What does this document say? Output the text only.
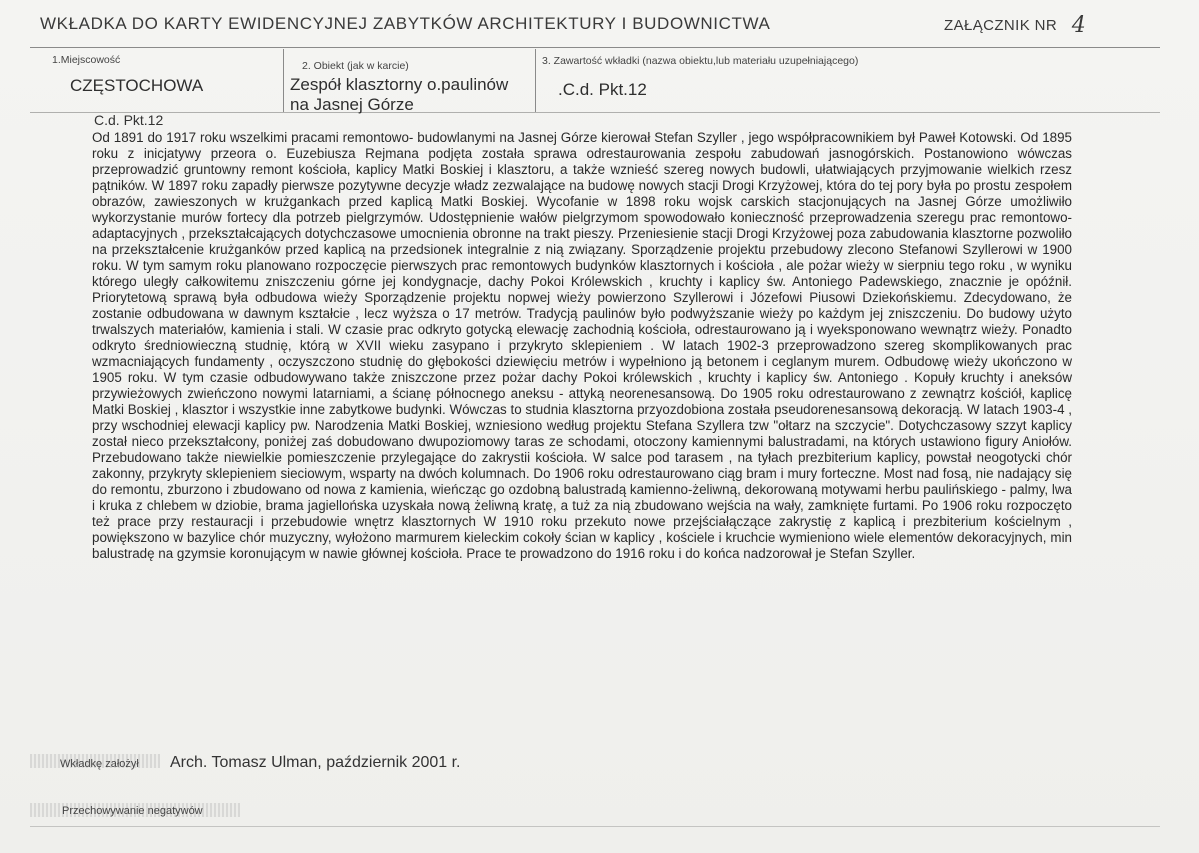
WKŁADKA DO KARTY EWIDENCYJNEJ ZABYTKÓW ARCHITEKTURY I BUDOWNICTWA	ZAŁĄCZNIK NR 4
1.Miejscowość
CZĘSTOCHOWA
2. Obiekt (jak w karcie)
Zespół klasztorny o.paulinów
na Jasnej Górze
3. Zawartość wkładki (nazwa obiektu,lub materiału uzupełniającego)
.C.d. Pkt.12
C.d. Pkt.12
Od 1891 do 1917 roku wszelkimi pracami remontowo- budowlanymi na Jasnej Górze kierował Stefan Szyller , jego współpracownikiem był Paweł Kotowski. Od 1895 roku z inicjatywy przeora o. Euzebiusza Rejmana podjęta została sprawa odrestaurowania zespołu zabudowań jasnogórskich. Postanowiono wówczas przeprowadzić gruntowny remont kościoła, kaplicy Matki Boskiej i klasztoru, a także wznieść szereg nowych budowli, ułatwiających przyjmowanie wielkich rzesz pątników. W 1897 roku zapadły pierwsze pozytywne decyzje władz zezwalające na budowę nowych stacji Drogi Krzyżowej, która do tej pory była po prostu zespołem obrazów, zawieszonych w krużgankach przed kaplicą Matki Boskiej. Wycofanie w 1898 roku wojsk carskich stacjonujących na Jasnej Górze umożliwiło wykorzystanie murów fortecy dla potrzeb pielgrzymów. Udostępnienie wałów pielgrzymom spowodowało konieczność przeprowadzenia szeregu prac remontowo-adaptacyjnych , przekształcających dotychczasowe umocnienia obronne na trakt pieszy. Przeniesienie stacji Drogi Krzyżowej poza zabudowania klasztorne pozwoliło na przekształcenie krużganków przed kaplicą na przedsionek integralnie z nią związany. Sporządzenie projektu przebudowy zlecono Stefanowi Szyllerowi w 1900 roku. W tym samym roku planowano rozpoczęcie pierwszych prac remontowych budynków klasztornych i kościoła , ale pożar wieży w sierpniu tego roku , w wyniku którego uległy całkowitemu zniszczeniu górne jej kondygnacje, dachy Pokoi Królewskich , kruchty i kaplicy św. Antoniego Padewskiego, znacznie je opóźnił. Priorytetową sprawą była odbudowa wieży Sporządzenie projektu nopwej wieży powierzono Szyllerowi i Józefowi Piusowi Dziekońskiemu. Zdecydowano, że zostanie odbudowana w dawnym kształcie , lecz wyższa o 17 metrów. Tradycją paulinów było podwyższanie wieży po każdym jej zniszczeniu. Do budowy użyto trwalszych materiałów, kamienia i stali. W czasie prac odkryto gotycką elewację zachodnią kościoła, odrestaurowano ją i wyeksponowano wewnątrz wieży. Ponadto odkryto średniowieczną studnię, którą w XVII wieku zasypano i przykryto sklepieniem . W latach 1902-3 przeprowadzono szereg skomplikowanych prac wzmacniających fundamenty , oczyszczono studnię do głębokości dziewięciu metrów i wypełniono ją betonem i ceglanym murem. Odbudowę wieży ukończono w 1905 roku. W tym czasie odbudowywano także zniszczone przez pożar dachy Pokoi królewskich , kruchty i kaplicy św. Antoniego . Kopuły kruchty i aneksów przywieżowych zwieńczono nowymi latarniami, a ścianę północnego aneksu - attyką neorenesansową. Do 1905 roku odrestaurowano z zewnątrz kościół, kaplicę Matki Boskiej , klasztor i wszystkie inne zabytkowe budynki. Wówczas to studnia klasztorna przyozdobiona została pseudorenesansową dekoracją. W latach 1903-4 , przy wschodniej elewacji kaplicy pw. Narodzenia Matki Boskiej, wzniesiono według projektu Stefana Szyllera tzw "ołtarz na szczycie". Dotychczasowy szzyt kaplicy został nieco przekształcony, poniżej zaś dobudowano dwupoziomowy taras ze schodami, otoczony kamiennymi balustradami, na których ustawiono figury Aniołów. Przebudowano także niewielkie pomieszczenie przylegające do zakrystii kościoła. W salce pod tarasem , na tyłach prezbiterium kaplicy, powstał neogotycki chór zakonny, przykryty sklepieniem sieciowym, wsparty na dwóch kolumnach. Do 1906 roku odrestaurowano ciąg bram i mury forteczne. Most nad fosą, nie nadający się do remontu, zburzono i zbudowano od nowa z kamienia, wieńcząc go ozdobną balustradą kamienno-żeliwną, dekorowaną motywami herbu paulińskiego - palmy, lwa i kruka z chlebem w dziobie, brama jagiellońska uzyskała nową żeliwną kratę, a tuż za nią zbudowano wejścia na wały, zamknięte furtami. Po 1906 roku rozpoczęto też prace przy restauracji i przebudowie wnętrz klasztornych W 1910 roku przekuto nowe przejściałączące zakrystię z kaplicą i prezbiterium kościelnym , powiększono w bazylice chór muzyczny, wyłożono marmurem kieleckim cokoły ścian w kaplicy , kościele i kruchcie wymieniono wiele elementów dekoracyjnych, min balustradę na gzymsie koronującym w nawie głównej kościoła. Prace te prowadzono do 1916 roku i do końca nadzorował je Stefan Szyller.
Wkładkę założył Arch. Tomasz Ulman, październik 2001 r.
Przechowywanie negatywów
